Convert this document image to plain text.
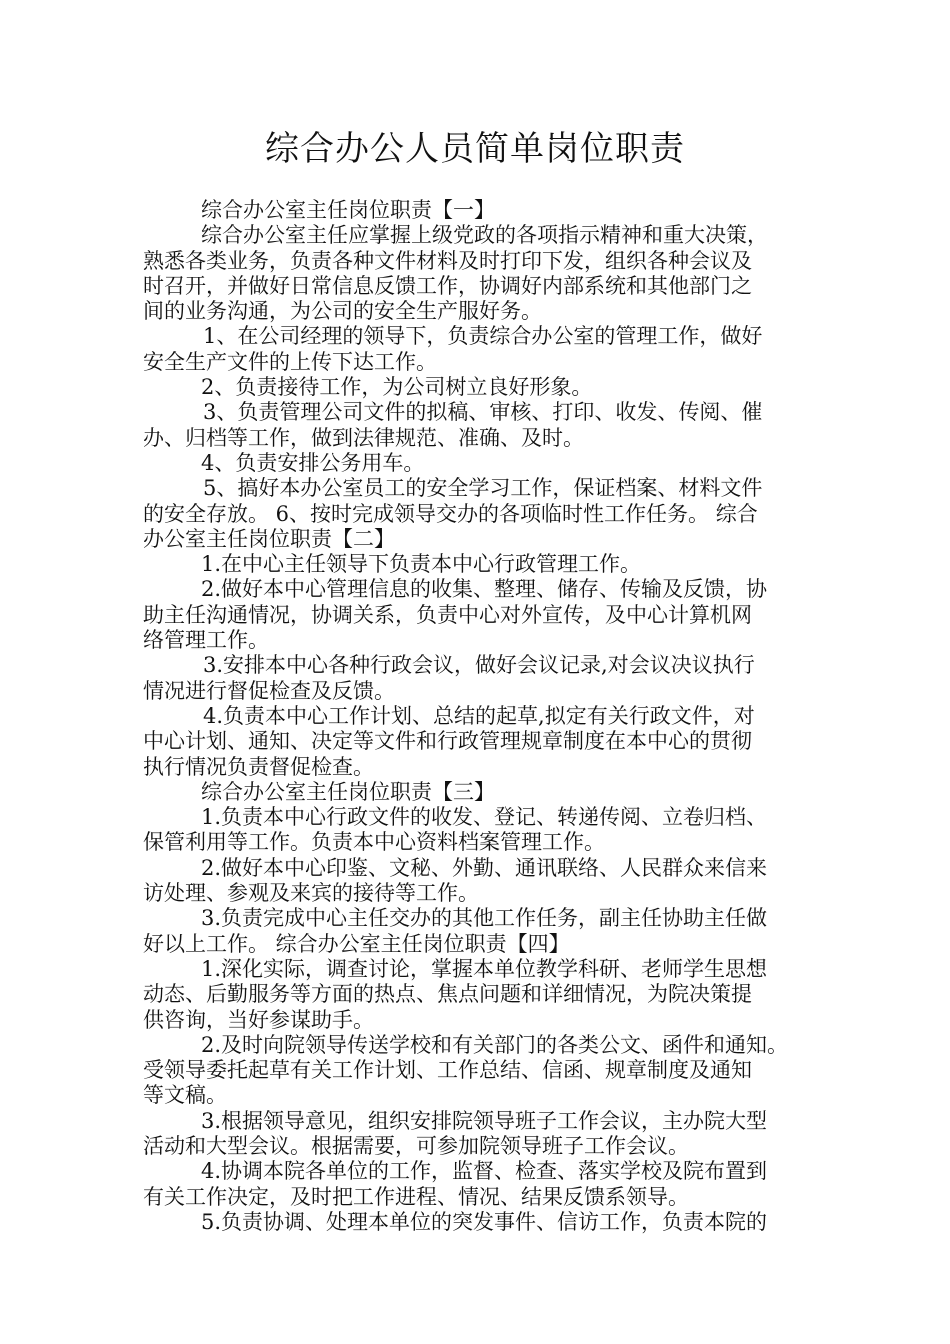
综合办公人员简单岗位职责

综合办公室主任岗位职责【一】

综合办公室主任应掌握上级党政的各项指示精神和重大决策，

熟悉各类业务，负责各种文件材料及时打印下发，组织各种会议及

时召开，并做好日常信息反馈工作，协调好内部系统和其他部门之

间的业务沟通，为公司的安全生产服好务。

1、在公司经理的领导下，负责综合办公室的管理工作，做好

安全生产文件的上传下达工作。

2、负责接待工作，为公司树立良好形象。

3、负责管理公司文件的拟稿、审核、打印、收发、传阅、催

办、归档等工作，做到法律规范、准确、及时。

4、负责安排公务用车。

5、搞好本办公室员工的安全学习工作，保证档案、材料文件

的安全存放。 6、按时完成领导交办的各项临时性工作任务。 综合

办公室主任岗位职责【二】

1.在中心主任领导下负责本中心行政管理工作。

2.做好本中心管理信息的收集、整理、储存、传输及反馈，协

助主任沟通情况，协调关系，负责中心对外宣传，及中心计算机网

络管理工作。

3.安排本中心各种行政会议，做好会议记录,对会议决议执行

情况进行督促检查及反馈。

4.负责本中心工作计划、总结的起草,拟定有关行政文件，对

中心计划、通知、决定等文件和行政管理规章制度在本中心的贯彻

执行情况负责督促检查。

综合办公室主任岗位职责【三】

1.负责本中心行政文件的收发、登记、转递传阅、立卷归档、

保管利用等工作。负责本中心资料档案管理工作。

2.做好本中心印鉴、文秘、外勤、通讯联络、人民群众来信来

访处理、参观及来宾的接待等工作。

3.负责完成中心主任交办的其他工作任务，副主任协助主任做

好以上工作。 综合办公室主任岗位职责【四】

1.深化实际，调查讨论，掌握本单位教学科研、老师学生思想

动态、后勤服务等方面的热点、焦点问题和详细情况，为院决策提

供咨询，当好参谋助手。

2.及时向院领导传送学校和有关部门的各类公文、函件和通知。

受领导委托起草有关工作计划、工作总结、信函、规章制度及通知

等文稿。

3.根据领导意见，组织安排院领导班子工作会议，主办院大型

活动和大型会议。根据需要，可参加院领导班子工作会议。

4.协调本院各单位的工作，监督、检查、落实学校及院布置到

有关工作决定，及时把工作进程、情况、结果反馈系领导。

5.负责协调、处理本单位的突发事件、信访工作，负责本院的
